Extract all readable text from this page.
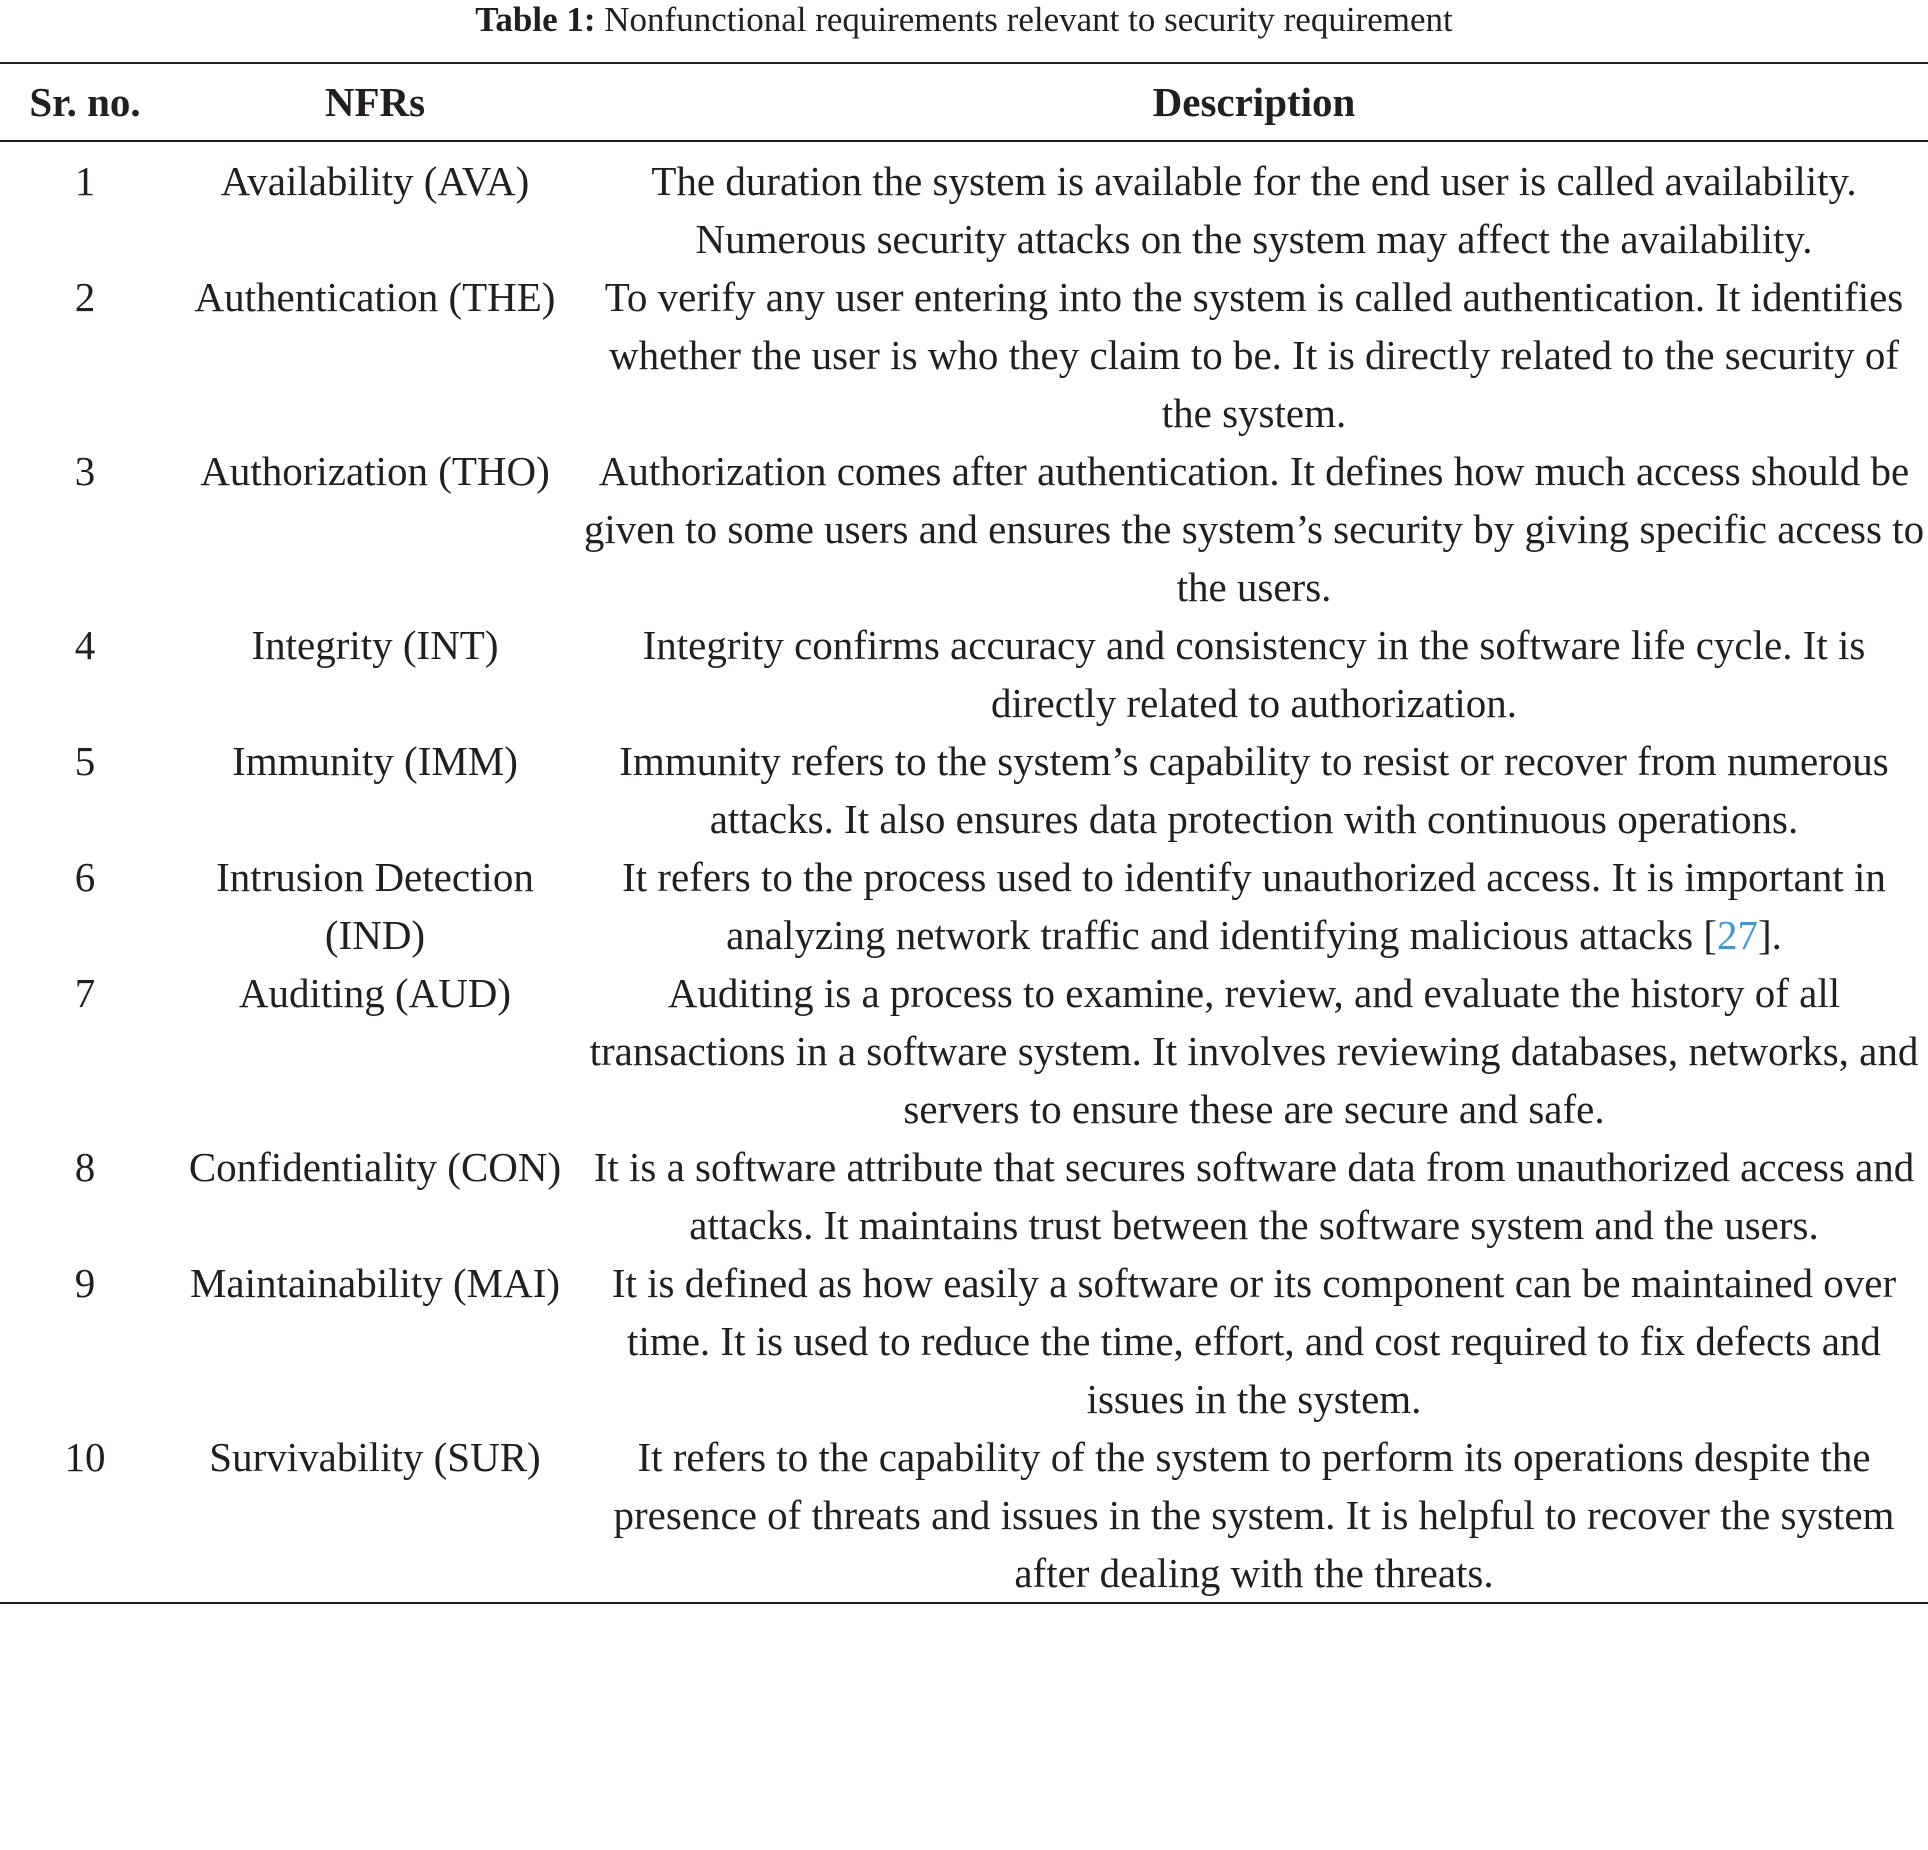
Table 1: Nonfunctional requirements relevant to security requirement
Sr. no.	NFRs	Description
1	Availability (AVA)	The duration the system is available for the end user is called availability. Numerous security attacks on the system may affect the availability.
2	Authentication (THE)	To verify any user entering into the system is called authentication. It identifies whether the user is who they claim to be. It is directly related to the security of the system.
3	Authorization (THO)	Authorization comes after authentication. It defines how much access should be given to some users and ensures the system’s security by giving specific access to the users.
4	Integrity (INT)	Integrity confirms accuracy and consistency in the software life cycle. It is directly related to authorization.
5	Immunity (IMM)	Immunity refers to the system’s capability to resist or recover from numerous attacks. It also ensures data protection with continuous operations.
6	Intrusion Detection (IND)	It refers to the process used to identify unauthorized access. It is important in analyzing network traffic and identifying malicious attacks [27].
7	Auditing (AUD)	Auditing is a process to examine, review, and evaluate the history of all transactions in a software system. It involves reviewing databases, networks, and servers to ensure these are secure and safe.
8	Confidentiality (CON)	It is a software attribute that secures software data from unauthorized access and attacks. It maintains trust between the software system and the users.
9	Maintainability (MAI)	It is defined as how easily a software or its component can be maintained over time. It is used to reduce the time, effort, and cost required to fix defects and issues in the system.
10	Survivability (SUR)	It refers to the capability of the system to perform its operations despite the presence of threats and issues in the system. It is helpful to recover the system after dealing with the threats.
